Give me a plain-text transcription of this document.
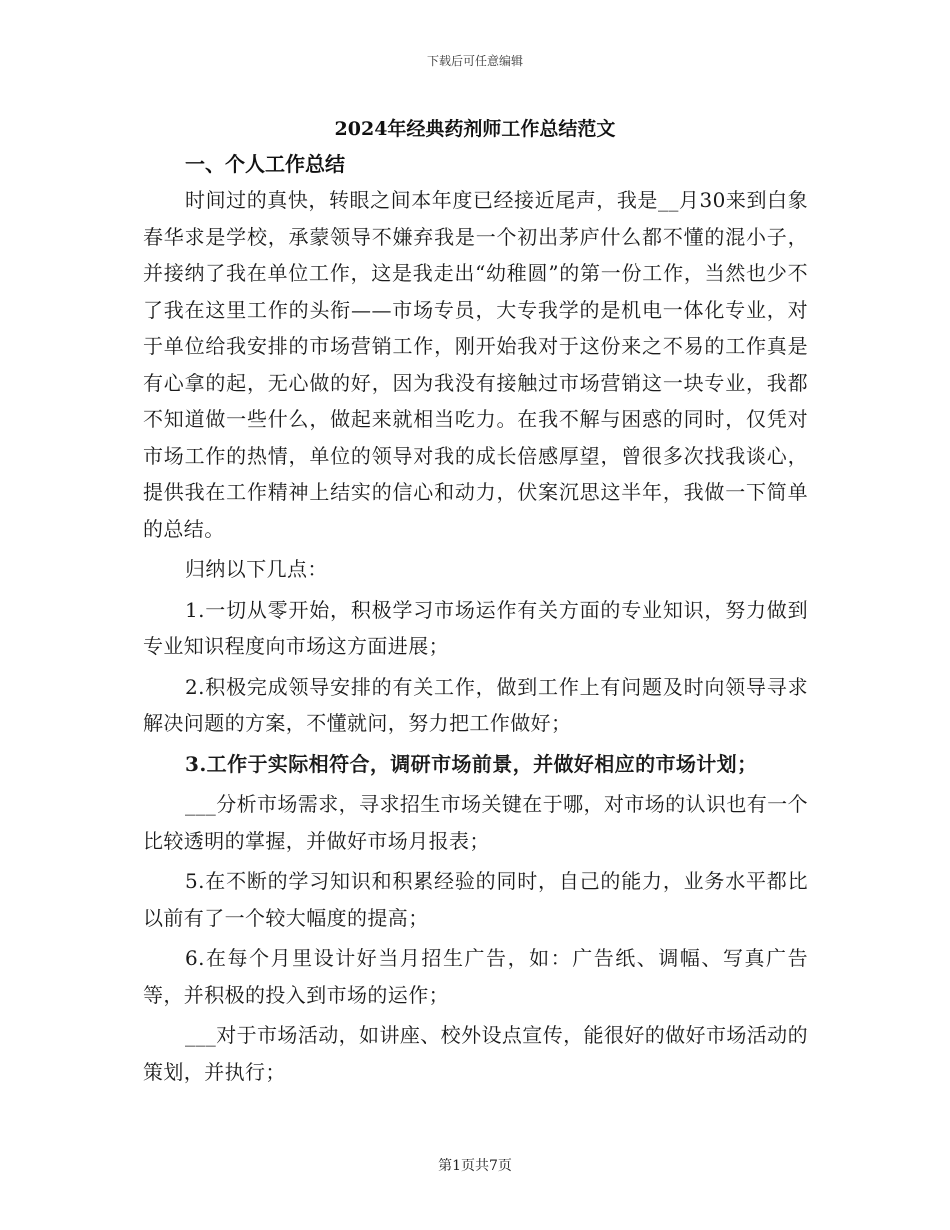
下载后可任意编辑
2024年经典药剂师工作总结范文

一、个人工作总结

时间过的真快，转眼之间本年度已经接近尾声，我是__月30来到白象春华求是学校，承蒙领导不嫌弃我是一个初出茅庐什么都不懂的混小子，并接纳了我在单位工作，这是我走出“幼稚圆”的第一份工作，当然也少不了我在这里工作的头衔——市场专员，大专我学的是机电一体化专业，对于单位给我安排的市场营销工作，刚开始我对于这份来之不易的工作真是有心拿的起，无心做的好，因为我没有接触过市场营销这一块专业，我都不知道做一些什么，做起来就相当吃力。在我不解与困惑的同时，仅凭对市场工作的热情，单位的领导对我的成长倍感厚望，曾很多次找我谈心，提供我在工作精神上结实的信心和动力，伏案沉思这半年，我做一下简单的总结。

归纳以下几点：

1.一切从零开始，积极学习市场运作有关方面的专业知识，努力做到专业知识程度向市场这方面进展；

2.积极完成领导安排的有关工作，做到工作上有问题及时向领导寻求解决问题的方案，不懂就问，努力把工作做好；

3.工作于实际相符合，调研市场前景，并做好相应的市场计划；

___分析市场需求，寻求招生市场关键在于哪，对市场的认识也有一个比较透明的掌握，并做好市场月报表；

5.在不断的学习知识和积累经验的同时，自己的能力，业务水平都比以前有了一个较大幅度的提高；

6.在每个月里设计好当月招生广告，如：广告纸、调幅、写真广告等，并积极的投入到市场的运作；

___对于市场活动，如讲座、校外设点宣传，能很好的做好市场活动的策划，并执行；

第1页共7页
